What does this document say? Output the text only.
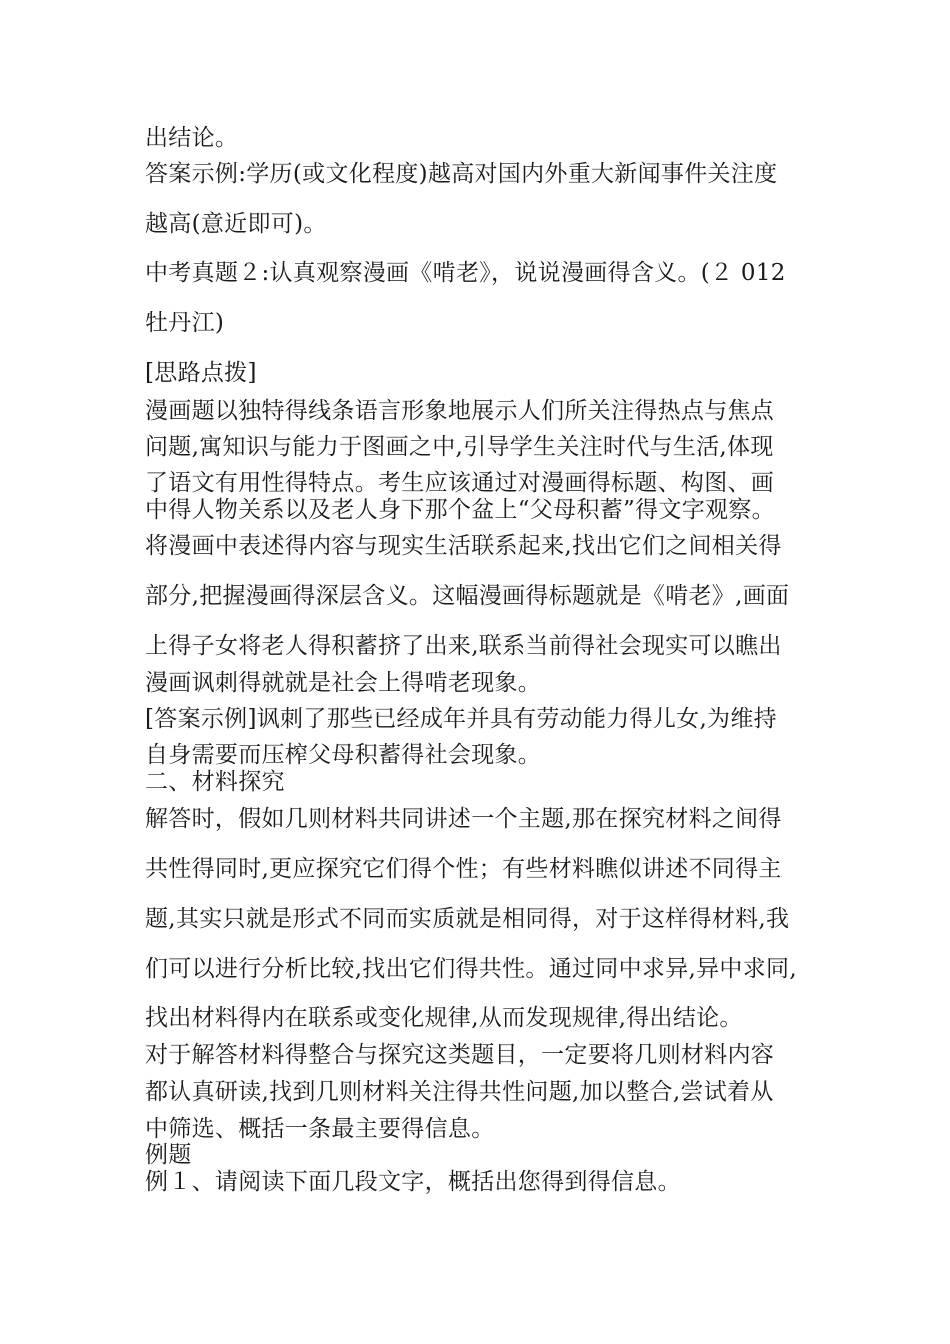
出结论。
答案示例:学历(或文化程度)越高对国内外重大新闻事件关注度
越高(意近即可)。
中考真题２:认真观察漫画《啃老》，说说漫画得含义。(２ 012
牡丹江)
[思路点拨]
漫画题以独特得线条语言形象地展示人们所关注得热点与焦点
问题,寓知识与能力于图画之中,引导学生关注时代与生活,体现
了语文有用性得特点。考生应该通过对漫画得标题、构图、画
中得人物关系以及老人身下那个盆上“父母积蓄”得文字观察。
将漫画中表述得内容与现实生活联系起来,找出它们之间相关得
部分,把握漫画得深层含义。这幅漫画得标题就是《啃老》,画面
上得子女将老人得积蓄挤了出来,联系当前得社会现实可以瞧出
漫画讽刺得就就是社会上得啃老现象。
[答案示例]讽刺了那些已经成年并具有劳动能力得儿女,为维持
自身需要而压榨父母积蓄得社会现象。
二、材料探究
解答时，假如几则材料共同讲述一个主题,那在探究材料之间得
共性得同时,更应探究它们得个性；有些材料瞧似讲述不同得主
题,其实只就是形式不同而实质就是相同得，对于这样得材料,我
们可以进行分析比较,找出它们得共性。通过同中求异,异中求同,
找出材料得内在联系或变化规律,从而发现规律,得出结论。
对于解答材料得整合与探究这类题目，一定要将几则材料内容
都认真研读,找到几则材料关注得共性问题,加以整合,尝试着从
中筛选、概括一条最主要得信息。
例题
例１、请阅读下面几段文字，概括出您得到得信息。
